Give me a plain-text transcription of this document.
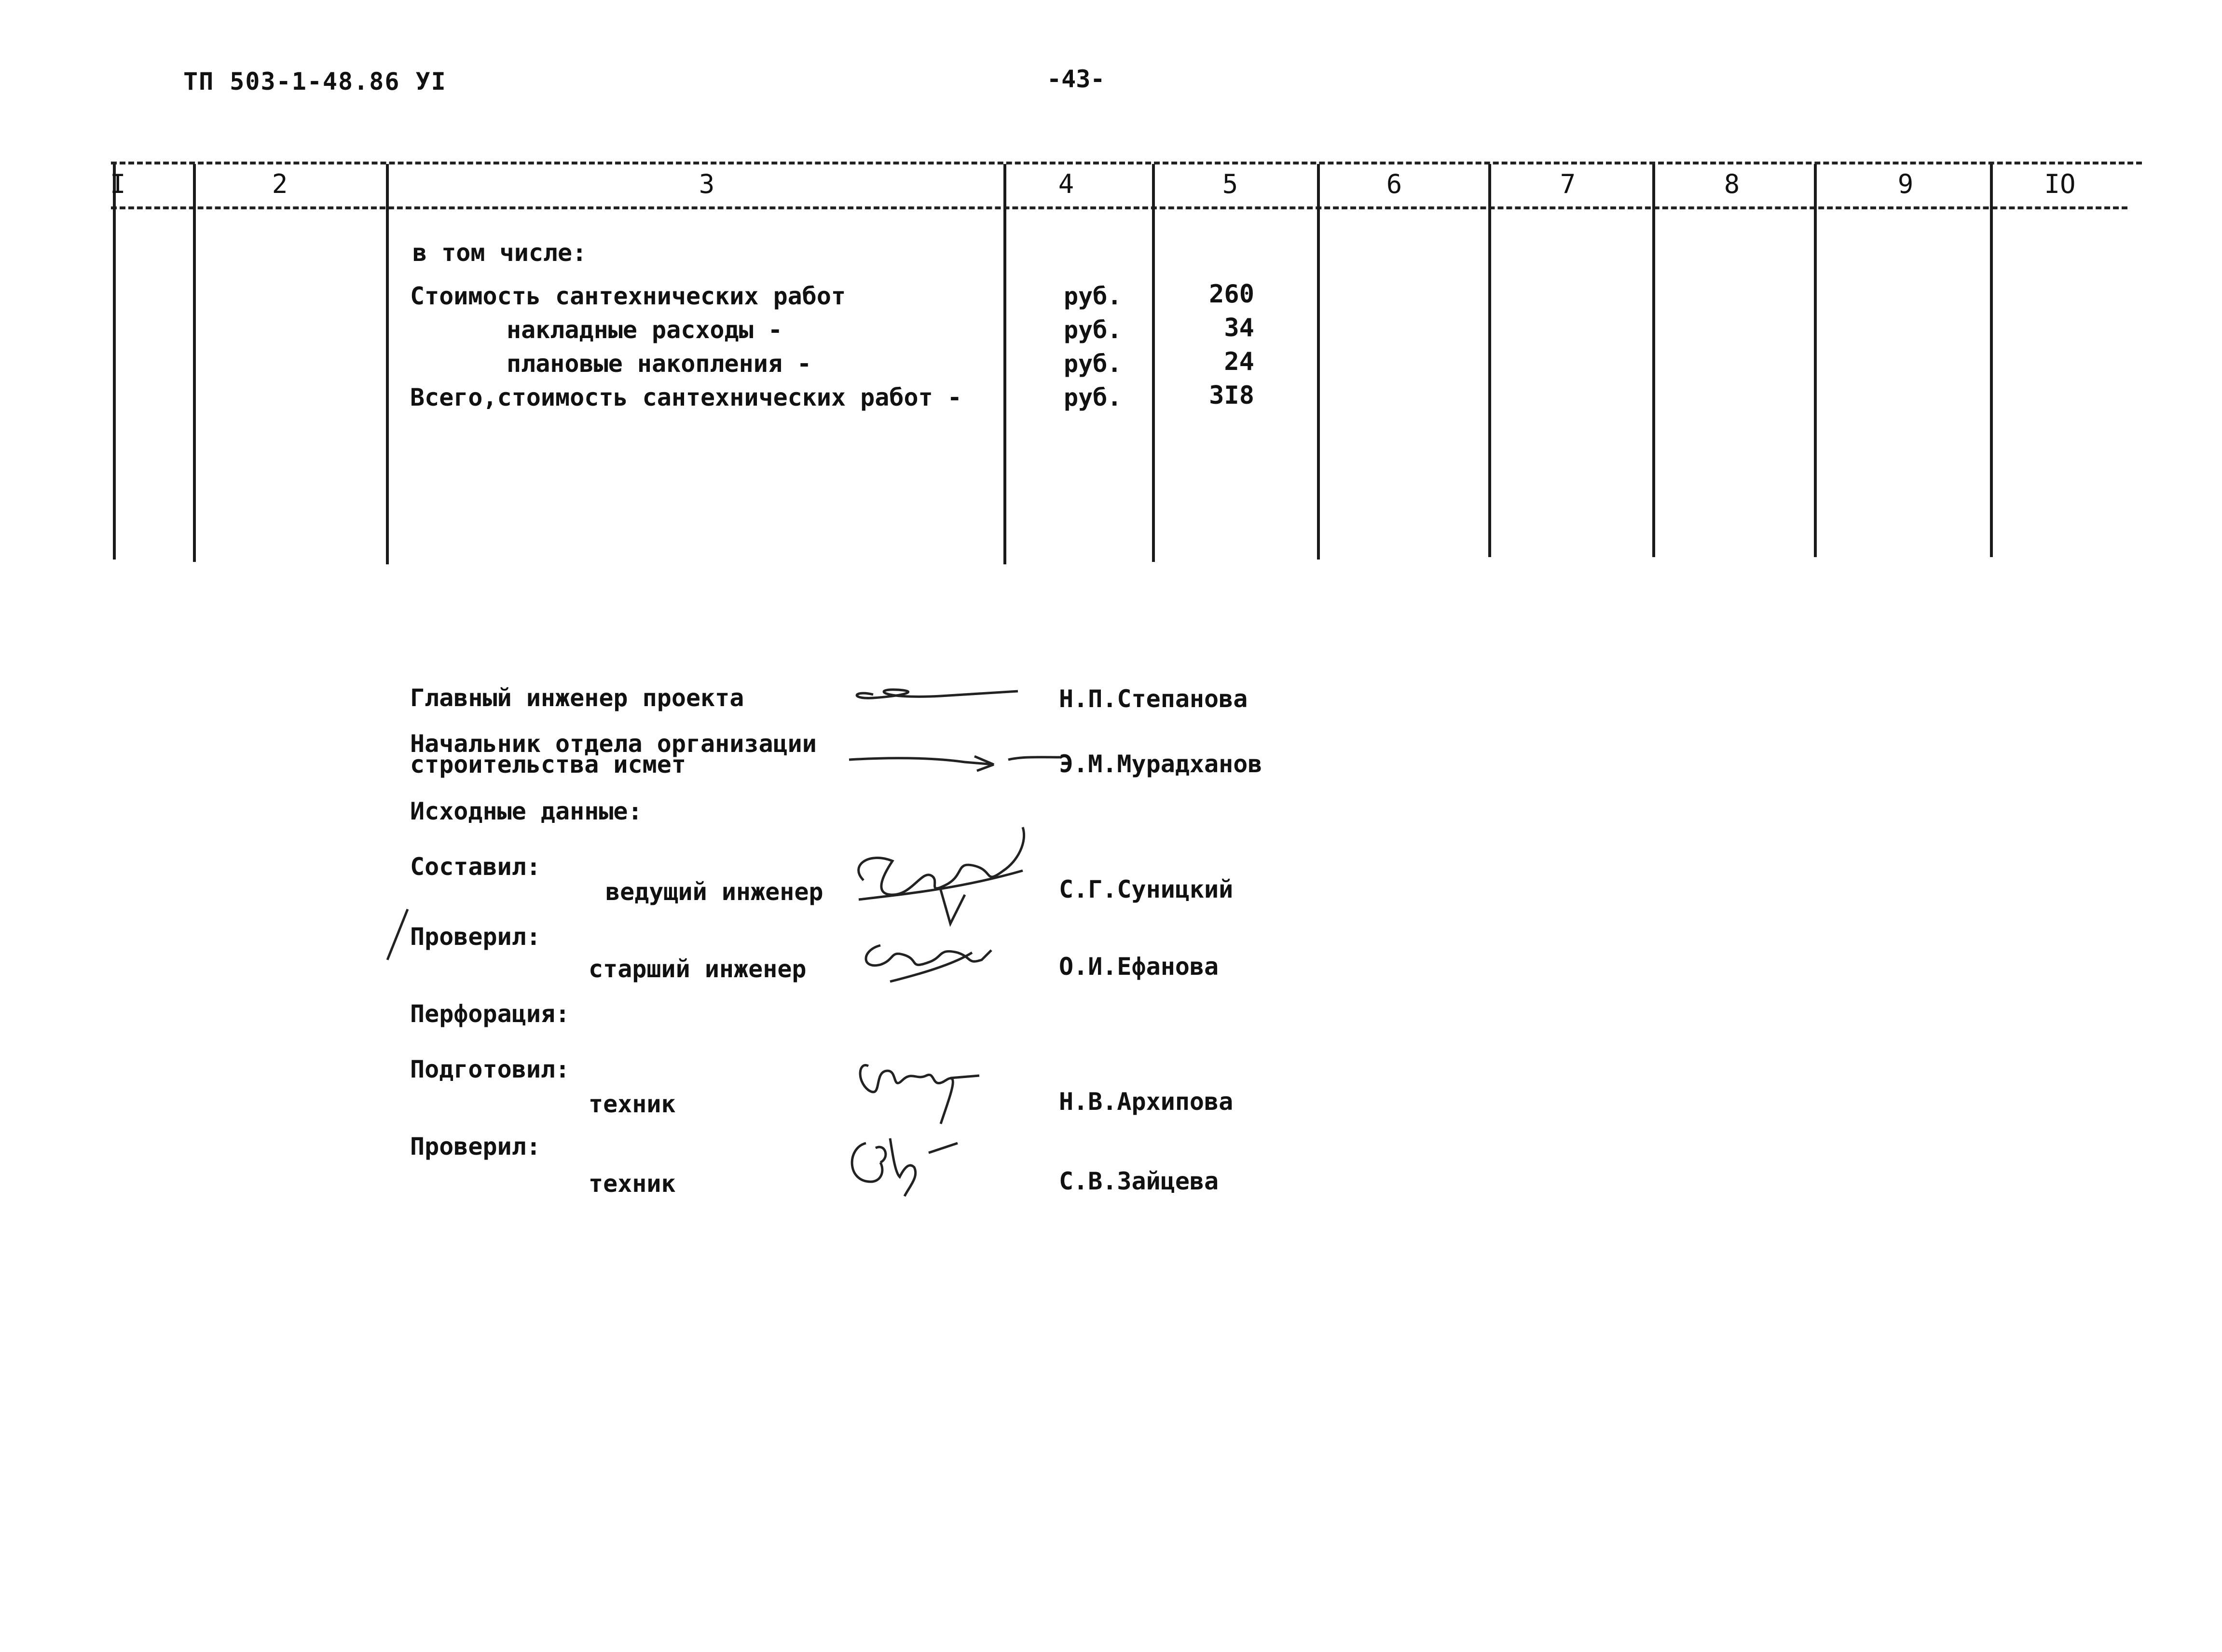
ТП 503-1-48.86 УI	-43-
I	2	3	4	5	6	7	8	9	IO
в том числе:
Стоимость сантехнических работ	руб.	260
накладные расходы -	руб.	34
плановые накопления -	руб.	24
Всего,стоимость сантехнических работ -	руб.	3I8
Главный инженер проекта	Н.П.Степанова
Начальник отдела организации
строительства исмет	Э.М.Мурадханов
Исходные данные:
Составил:
ведущий инженер	С.Г.Суницкий
Проверил:
старший инженер	О.И.Ефанова
Перфорация:
Подготовил:
техник	Н.В.Архипова
Проверил:
техник	С.В.Зайцева
